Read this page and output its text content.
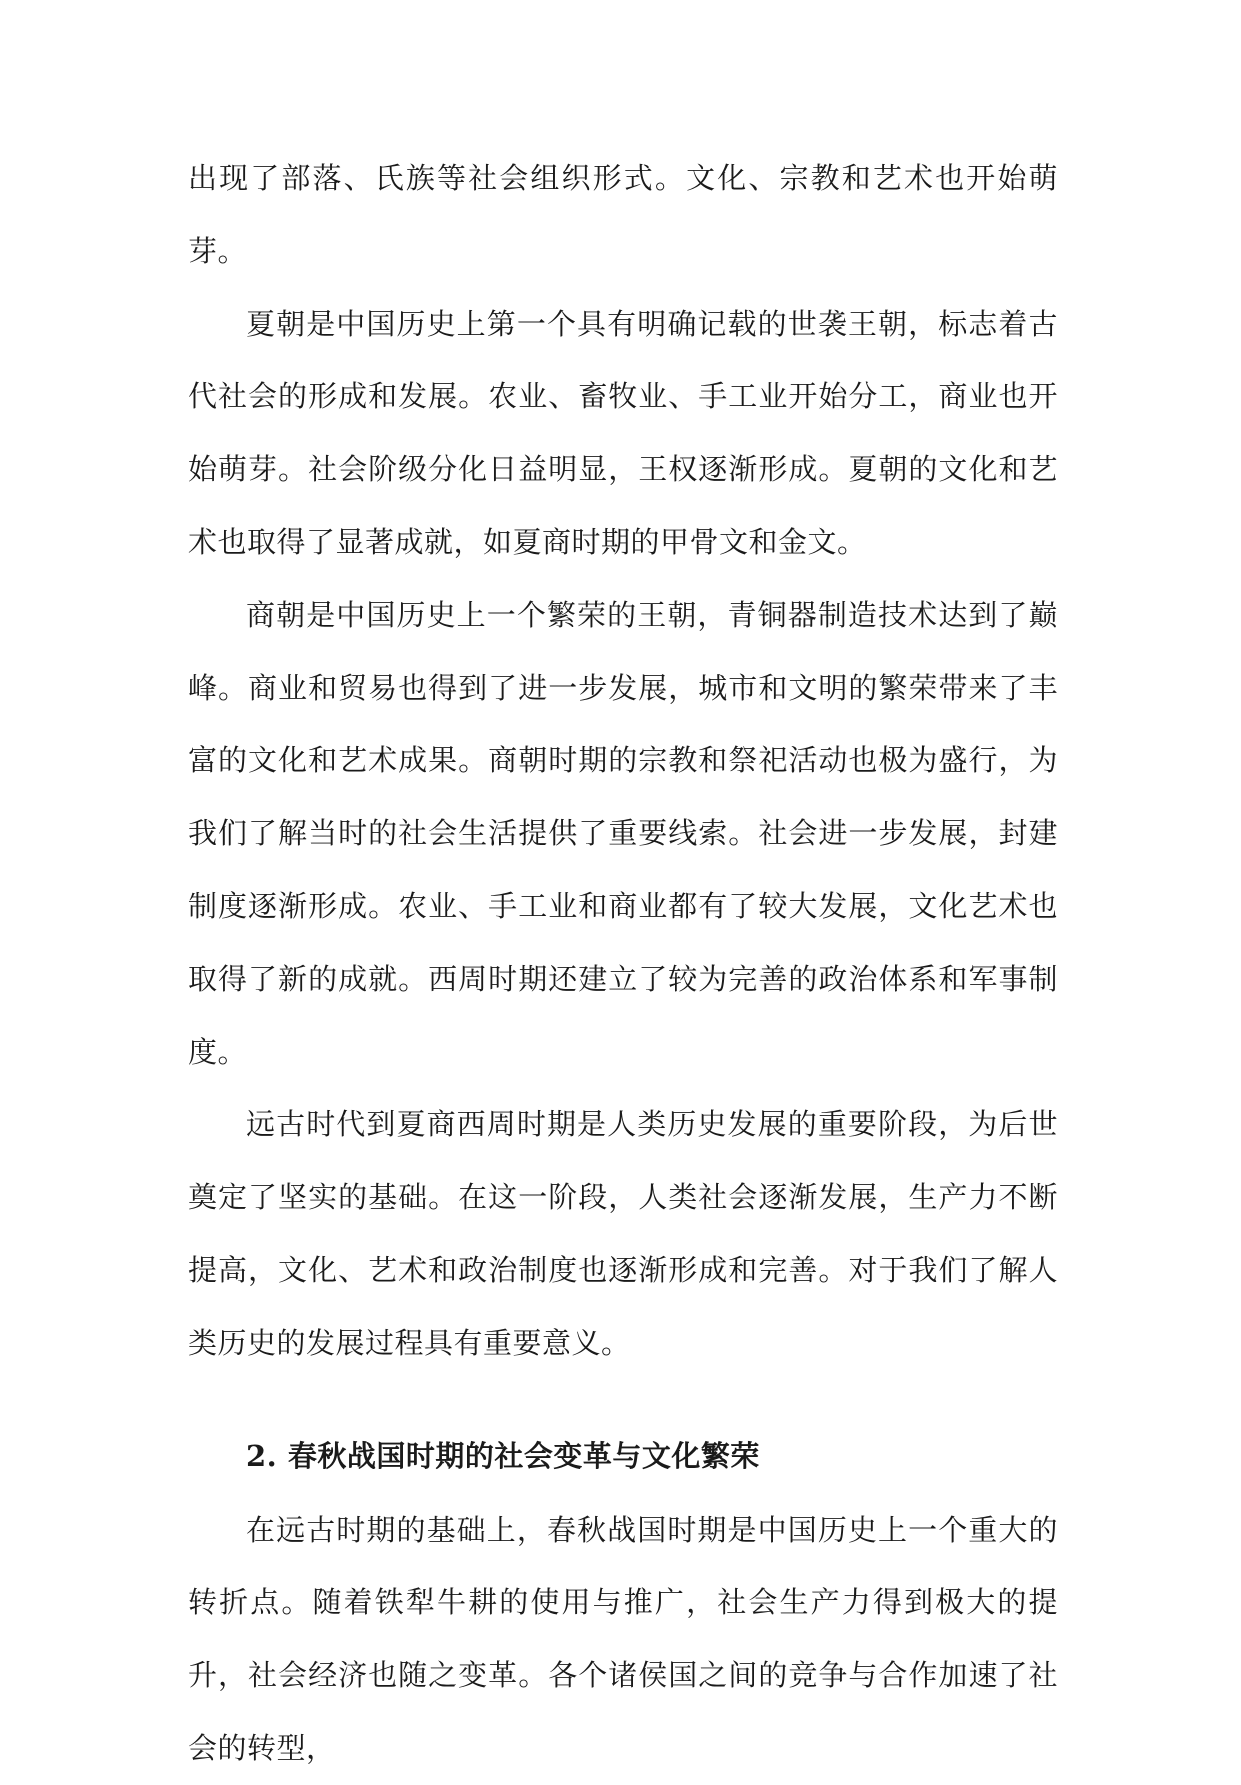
出现了部落、氏族等社会组织形式。文化、宗教和艺术也开始萌芽。

夏朝是中国历史上第一个具有明确记载的世袭王朝，标志着古代社会的形成和发展。农业、畜牧业、手工业开始分工，商业也开始萌芽。社会阶级分化日益明显，王权逐渐形成。夏朝的文化和艺术也取得了显著成就，如夏商时期的甲骨文和金文。

商朝是中国历史上一个繁荣的王朝，青铜器制造技术达到了巅峰。商业和贸易也得到了进一步发展，城市和文明的繁荣带来了丰富的文化和艺术成果。商朝时期的宗教和祭祀活动也极为盛行，为我们了解当时的社会生活提供了重要线索。社会进一步发展，封建制度逐渐形成。农业、手工业和商业都有了较大发展，文化艺术也取得了新的成就。西周时期还建立了较为完善的政治体系和军事制度。

远古时代到夏商西周时期是人类历史发展的重要阶段，为后世奠定了坚实的基础。在这一阶段，人类社会逐渐发展，生产力不断提高，文化、艺术和政治制度也逐渐形成和完善。对于我们了解人类历史的发展过程具有重要意义。

2. 春秋战国时期的社会变革与文化繁荣

在远古时期的基础上，春秋战国时期是中国历史上一个重大的转折点。随着铁犁牛耕的使用与推广，社会生产力得到极大的提升，社会经济也随之变革。各个诸侯国之间的竞争与合作加速了社会的转型，
